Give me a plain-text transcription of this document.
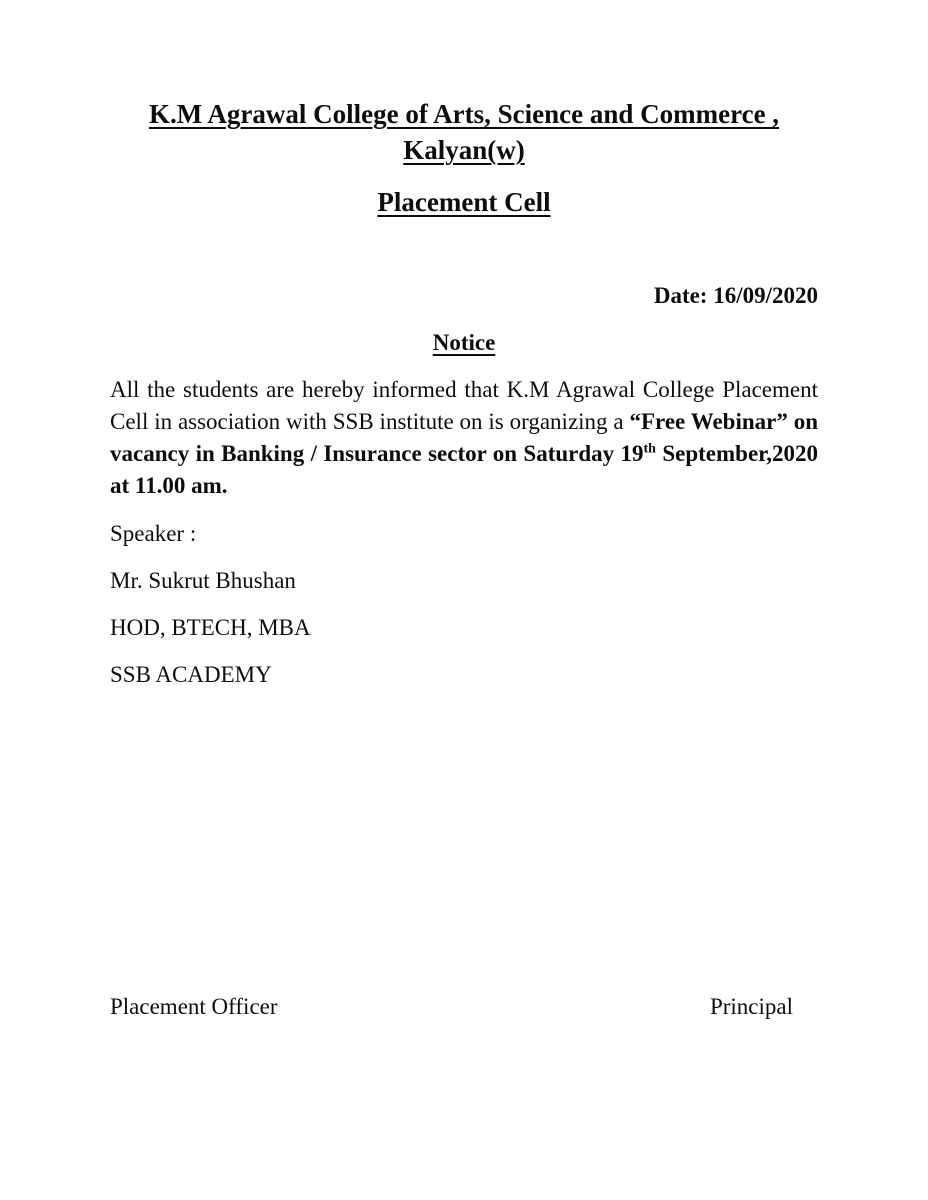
K.M Agrawal College of Arts, Science and Commerce ,
Kalyan(w)
Placement Cell

Date: 16/09/2020

Notice

All the students are hereby informed that K.M Agrawal College Placement Cell in association with SSB institute on is organizing a “Free Webinar” on vacancy in Banking / Insurance sector on Saturday 19th September,2020 at 11.00 am.

Speaker :

Mr. Sukrut Bhushan

HOD, BTECH, MBA

SSB ACADEMY

Placement Officer	Principal
